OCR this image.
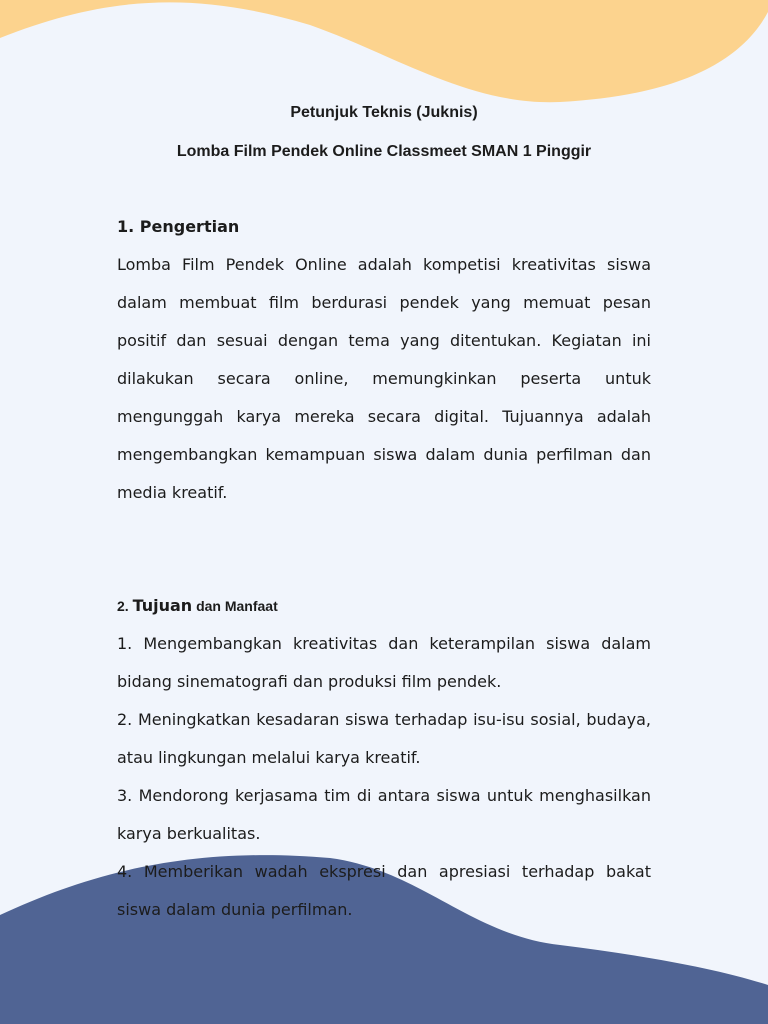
Petunjuk Teknis (Juknis)
Lomba Film Pendek Online Classmeet SMAN 1 Pinggir
1. Pengertian

Lomba Film Pendek Online adalah kompetisi kreativitas siswa dalam membuat film berdurasi pendek yang memuat pesan positif dan sesuai dengan tema yang ditentukan. Kegiatan ini dilakukan secara online, memungkinkan peserta untuk mengunggah karya mereka secara digital. Tujuannya adalah mengembangkan kemampuan siswa dalam dunia perfilman dan media kreatif.

2. Tujuan dan Manfaat
1. Mengembangkan kreativitas dan keterampilan siswa dalam bidang sinematografi dan produksi film pendek.
2. Meningkatkan kesadaran siswa terhadap isu-isu sosial, budaya, atau lingkungan melalui karya kreatif.
3. Mendorong kerjasama tim di antara siswa untuk menghasilkan karya berkualitas.
4. Memberikan wadah ekspresi dan apresiasi terhadap bakat siswa dalam dunia perfilman.
